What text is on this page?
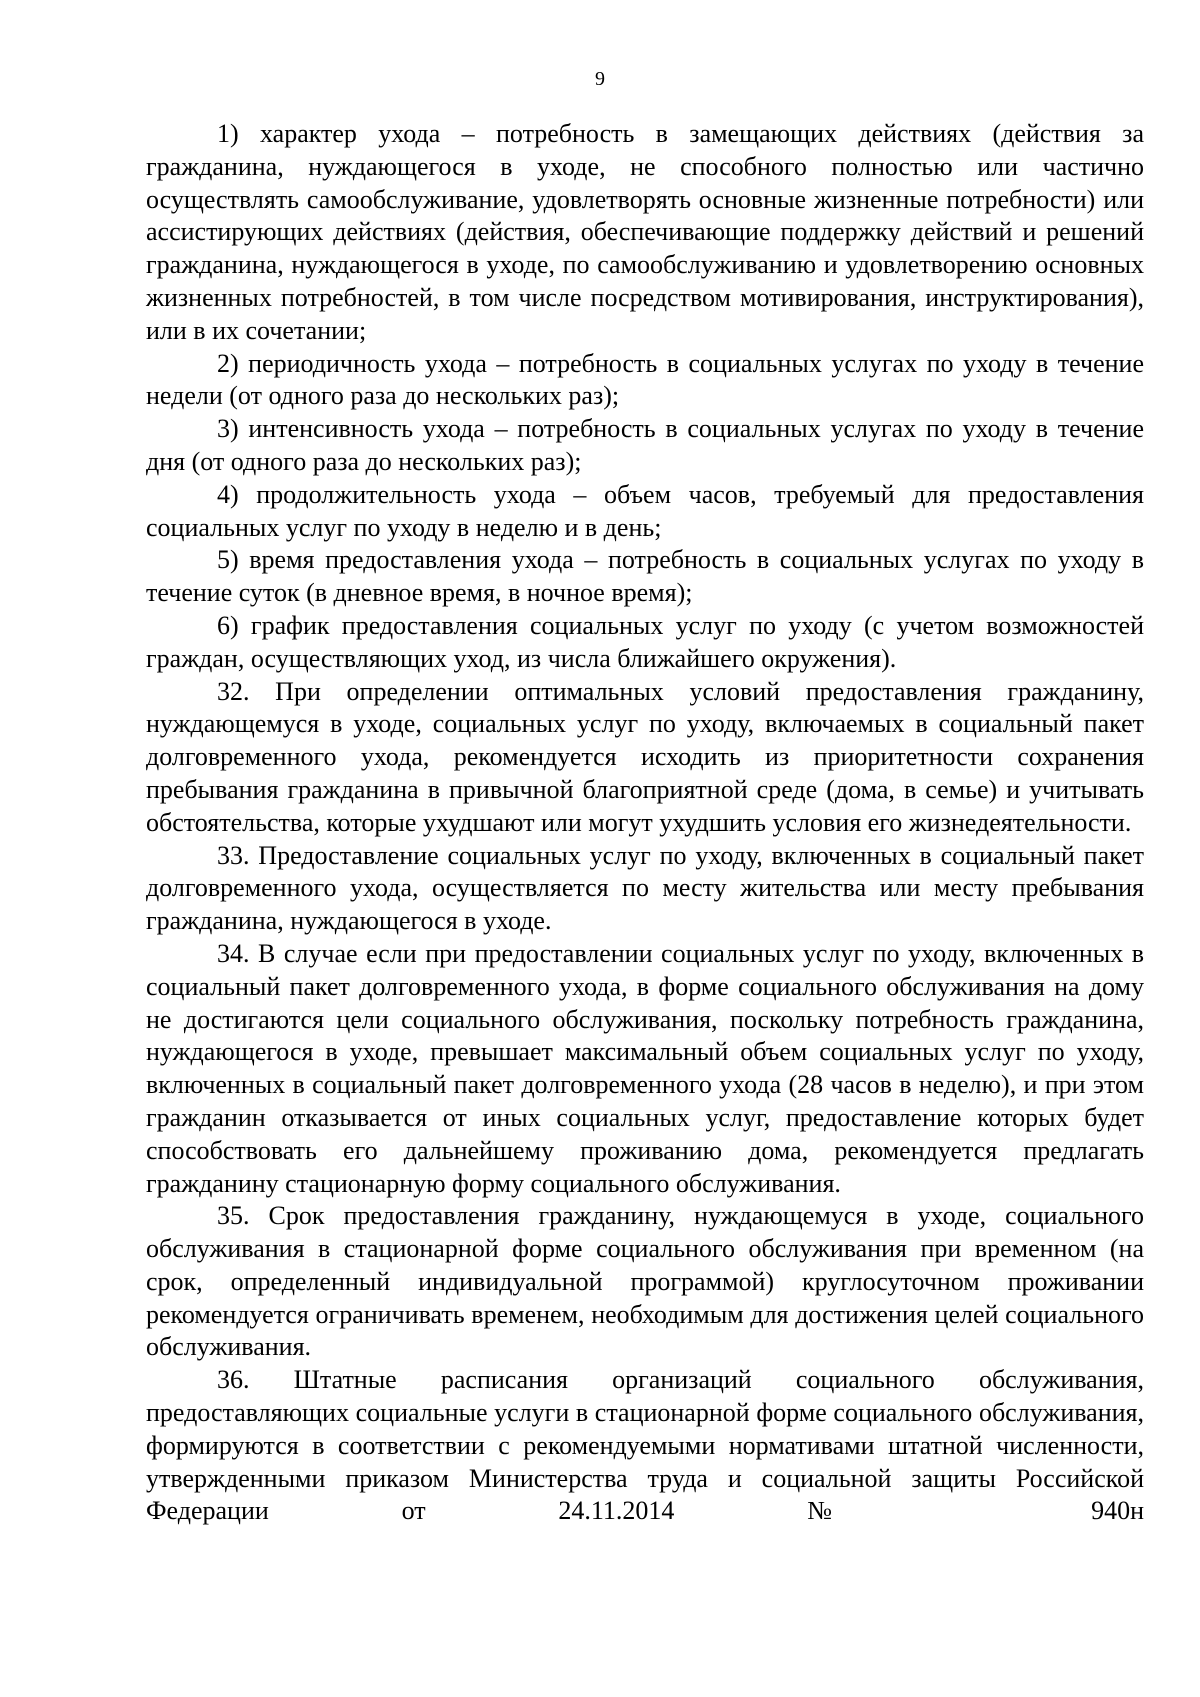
9

1) характер ухода – потребность в замещающих действиях (действия за гражданина, нуждающегося в уходе, не способного полностью или частично осуществлять самообслуживание, удовлетворять основные жизненные потребности) или ассистирующих действиях (действия, обеспечивающие поддержку действий и решений гражданина, нуждающегося в уходе, по самообслуживанию и удовлетворению основных жизненных потребностей, в том числе посредством мотивирования, инструктирования), или в их сочетании;

2) периодичность ухода – потребность в социальных услугах по уходу в течение недели (от одного раза до нескольких раз);

3) интенсивность ухода – потребность в социальных услугах по уходу в течение дня (от одного раза до нескольких раз);

4) продолжительность ухода – объем часов, требуемый для предоставления социальных услуг по уходу в неделю и в день;

5) время предоставления ухода – потребность в социальных услугах по уходу в течение суток (в дневное время, в ночное время);

6) график предоставления социальных услуг по уходу (с учетом возможностей граждан, осуществляющих уход, из числа ближайшего окружения).

32. При определении оптимальных условий предоставления гражданину, нуждающемуся в уходе, социальных услуг по уходу, включаемых в социальный пакет долговременного ухода, рекомендуется исходить из приоритетности сохранения пребывания гражданина в привычной благоприятной среде (дома, в семье) и учитывать обстоятельства, которые ухудшают или могут ухудшить условия его жизнедеятельности.

33. Предоставление социальных услуг по уходу, включенных в социальный пакет долговременного ухода, осуществляется по месту жительства или месту пребывания гражданина, нуждающегося в уходе.

34. В случае если при предоставлении социальных услуг по уходу, включенных в социальный пакет долговременного ухода, в форме социального обслуживания на дому не достигаются цели социального обслуживания, поскольку потребность гражданина, нуждающегося в уходе, превышает максимальный объем социальных услуг по уходу, включенных в социальный пакет долговременного ухода (28 часов в неделю), и при этом гражданин отказывается от иных социальных услуг, предоставление которых будет способствовать его дальнейшему проживанию дома, рекомендуется предлагать гражданину стационарную форму социального обслуживания.

35. Срок предоставления гражданину, нуждающемуся в уходе, социального обслуживания в стационарной форме социального обслуживания при временном (на срок, определенный индивидуальной программой) круглосуточном проживании рекомендуется ограничивать временем, необходимым для достижения целей социального обслуживания.

36. Штатные расписания организаций социального обслуживания, предоставляющих социальные услуги в стационарной форме социального обслуживания, формируются в соответствии с рекомендуемыми нормативами штатной численности, утвержденными приказом Министерства труда и социальной защиты Российской Федерации от 24.11.2014 № 940н
